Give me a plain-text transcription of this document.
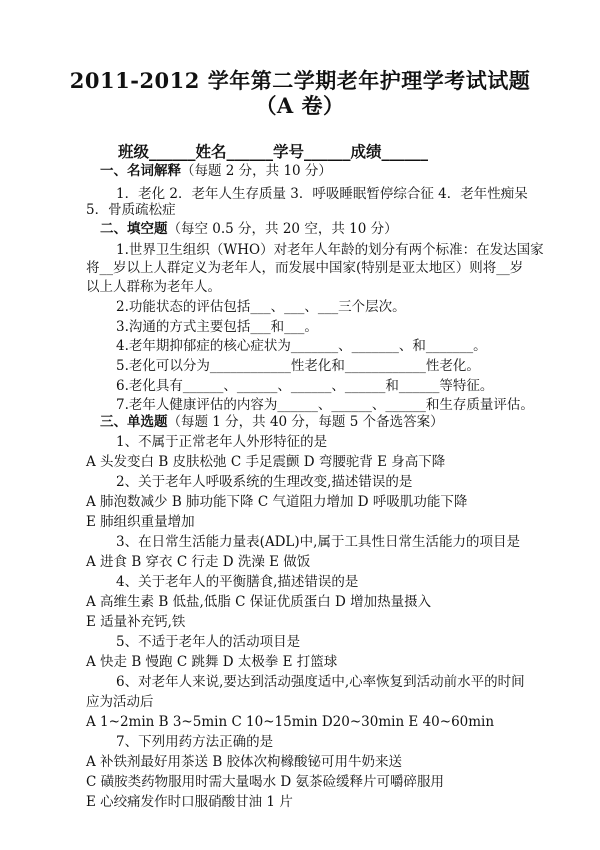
2011-2012 学年第二学期老年护理学考试试题
（A 卷）
班级______姓名______学号______成绩______
一、名词解释（每题 2 分，共 10 分）
1．老化 2．老年人生存质量 3．呼吸睡眠暂停综合征 4．老年性痴呆
5．骨质疏松症
二、填空题（每空 0.5 分，共 20 空，共 10 分）
1.世界卫生组织（WHO）对老年人年龄的划分有两个标准：在发达国家
将__岁以上人群定义为老年人，而发展中国家(特别是亚太地区）则将__岁
以上人群称为老年人。
2.功能状态的评估包括___、___、___三个层次。
3.沟通的方式主要包括___和___。
4.老年期抑郁症的核心症状为_______、_______、和_______。
5.老化可以分为____________性老化和____________性老化。
6.老化具有______、______、______、______和______等特征。
7.老年人健康评估的内容为______、______、______和生存质量评估。
三、单选题（每题 1 分，共 40 分，每题 5 个备选答案）
1、不属于正常老年人外形特征的是
A 头发变白 B 皮肤松弛 C 手足震颤 D 弯腰驼背 E 身高下降
2、关于老年人呼吸系统的生理改变,描述错误的是
A 肺泡数减少 B 肺功能下降 C 气道阻力增加 D 呼吸肌功能下降
E 肺组织重量增加
3、在日常生活能力量表(ADL)中,属于工具性日常生活能力的项目是
A 进食 B 穿衣 C 行走 D 洗澡 E 做饭
4、关于老年人的平衡膳食,描述错误的是
A 高维生素 B 低盐,低脂 C 保证优质蛋白 D 增加热量摄入
E 适量补充钙,铁
5、不适于老年人的活动项目是
A 快走 B 慢跑 C 跳舞 D 太极拳 E 打篮球
6、对老年人来说,要达到活动强度适中,心率恢复到活动前水平的时间
应为活动后
A 1~2min B 3~5min C 10~15min D20~30min E 40~60min
7、下列用药方法正确的是
A 补铁剂最好用茶送 B 胶体次枸橼酸铋可用牛奶来送
C 磺胺类药物服用时需大量喝水 D 氨茶硷缓释片可嚼碎服用
E 心绞痛发作时口服硝酸甘油 1 片
